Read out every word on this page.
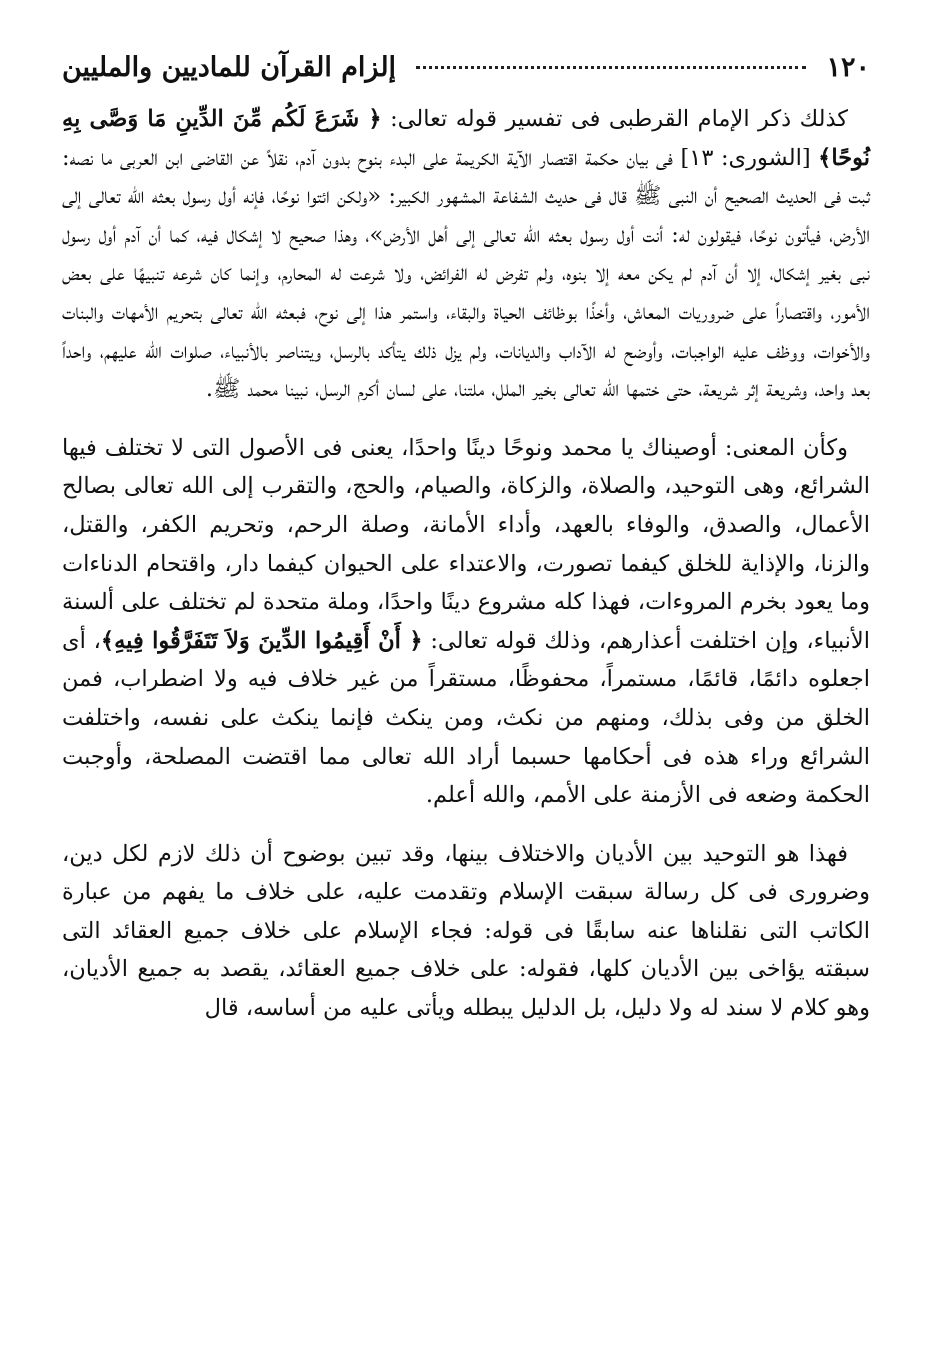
١٢٠
إلزام القرآن للماديين والمليين

كذلك ذكر الإمام القرطبى فى تفسير قوله تعالى: ﴿ شَرَعَ لَكُم مِّنَ الدِّينِ مَا وَصَّى بِهِ نُوحًا﴾ [الشورى: ١٣] فى بيان حكمة اقتصار الآية الكريمة على البدء بنوح بدون آدم، نقلاً عن القاضى ابن العربى ما نصه: ثبت فى الحديث الصحيح أن النبى ﷺ قال فى حديث الشفاعة المشهور الكبير: «ولكن ائتوا نوحًا، فإنه أول رسول بعثه الله تعالى إلى الأرض، فيأتون نوحًا، فيقولون له: أنت أول رسول بعثه الله تعالى إلى أهل الأرض»، وهذا صحيح لا إشكال فيه، كما أن آدم أول رسول نبى بغير إشكال، إلا أن آدم لم يكن معه إلا بنوه، ولم تفرض له الفرائض، ولا شرعت له المحارم، وإنما كان شرعه تنبيهًا على بعض الأمور، واقتصاراً على ضروريات المعاش، وأخذًا بوظائف الحياة والبقاء، واستمر هذا إلى نوح، فبعثه الله تعالى بتحريم الأمهات والبنات والأخوات، ووظف عليه الواجبات، وأوضح له الآداب والديانات، ولم يزل ذلك يتأكد بالرسل، ويتناصر بالأنبياء، صلوات الله عليهم، واحداً بعد واحد، وشريعة إثر شريعة، حتى ختمها الله تعالى بخير الملل، ملتنا، على لسان أكرم الرسل، نبينا محمد ﷺ.

وكأن المعنى: أوصيناك يا محمد ونوحًا دينًا واحدًا، يعنى فى الأصول التى لا تختلف فيها الشرائع، وهى التوحيد، والصلاة، والزكاة، والصيام، والحج، والتقرب إلى الله تعالى بصالح الأعمال، والصدق، والوفاء بالعهد، وأداء الأمانة، وصلة الرحم، وتحريم الكفر، والقتل، والزنا، والإذاية للخلق كيفما تصورت، والاعتداء على الحيوان كيفما دار، واقتحام الدناءات وما يعود بخرم المروءات، فهذا كله مشروع دينًا واحدًا، وملة متحدة لم تختلف على ألسنة الأنبياء، وإن اختلفت أعذارهم، وذلك قوله تعالى: ﴿ أَنْ أَقِيمُوا الدِّينَ وَلاَ تَتَفَرَّقُوا فِيهِ﴾، أى اجعلوه دائمًا، قائمًا، مستمراً، محفوظًا، مستقراً من غير خلاف فيه ولا اضطراب، فمن الخلق من وفى بذلك، ومنهم من نكث، ومن ينكث فإنما ينكث على نفسه، واختلفت الشرائع وراء هذه فى أحكامها حسبما أراد الله تعالى مما اقتضت المصلحة، وأوجبت الحكمة وضعه فى الأزمنة على الأمم، والله أعلم.

فهذا هو التوحيد بين الأديان والاختلاف بينها، وقد تبين بوضوح أن ذلك لازم لكل دين، وضرورى فى كل رسالة سبقت الإسلام وتقدمت عليه، على خلاف ما يفهم من عبارة الكاتب التى نقلناها عنه سابقًا فى قوله: فجاء الإسلام على خلاف جميع العقائد التى سبقته يؤاخى بين الأديان كلها، فقوله: على خلاف جميع العقائد، يقصد به جميع الأديان، وهو كلام لا سند له ولا دليل، بل الدليل يبطله ويأتى عليه من أساسه، قال
